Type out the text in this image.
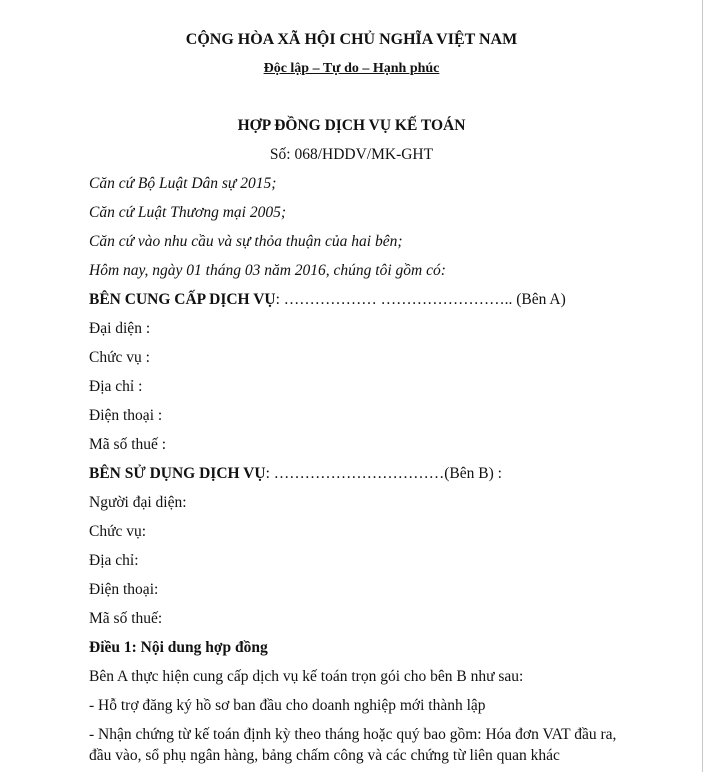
CỘNG HÒA XÃ HỘI CHỦ NGHĨA VIỆT NAM
Độc lập – Tự do – Hạnh phúc
HỢP ĐỒNG DỊCH VỤ KẾ TOÁN
Số: 068/HDDV/MK-GHT
Căn cứ Bộ Luật Dân sự 2015;
Căn cứ Luật Thương mại 2005;
Căn cứ vào nhu cầu và sự thỏa thuận của hai bên;
Hôm nay, ngày 01 tháng 03 năm 2016, chúng tôi gồm có:
BÊN CUNG CẤP DỊCH VỤ: ……………… …………………….. (Bên A)
Đại diện :
Chức vụ :
Địa chỉ :
Điện thoại :
Mã số thuế :
BÊN SỬ DỤNG DỊCH VỤ: ……………………………(Bên B) :
Người đại diện:
Chức vụ:
Địa chỉ:
Điện thoại:
Mã số thuế:
Điều 1: Nội dung hợp đồng
Bên A thực hiện cung cấp dịch vụ kế toán trọn gói cho bên B như sau:
- Hỗ trợ đăng ký hồ sơ ban đầu cho doanh nghiệp mới thành lập
- Nhận chứng từ kế toán định kỳ theo tháng hoặc quý bao gồm: Hóa đơn VAT đầu ra,
đầu vào, sổ phụ ngân hàng, bảng chấm công và các chứng từ liên quan khác
